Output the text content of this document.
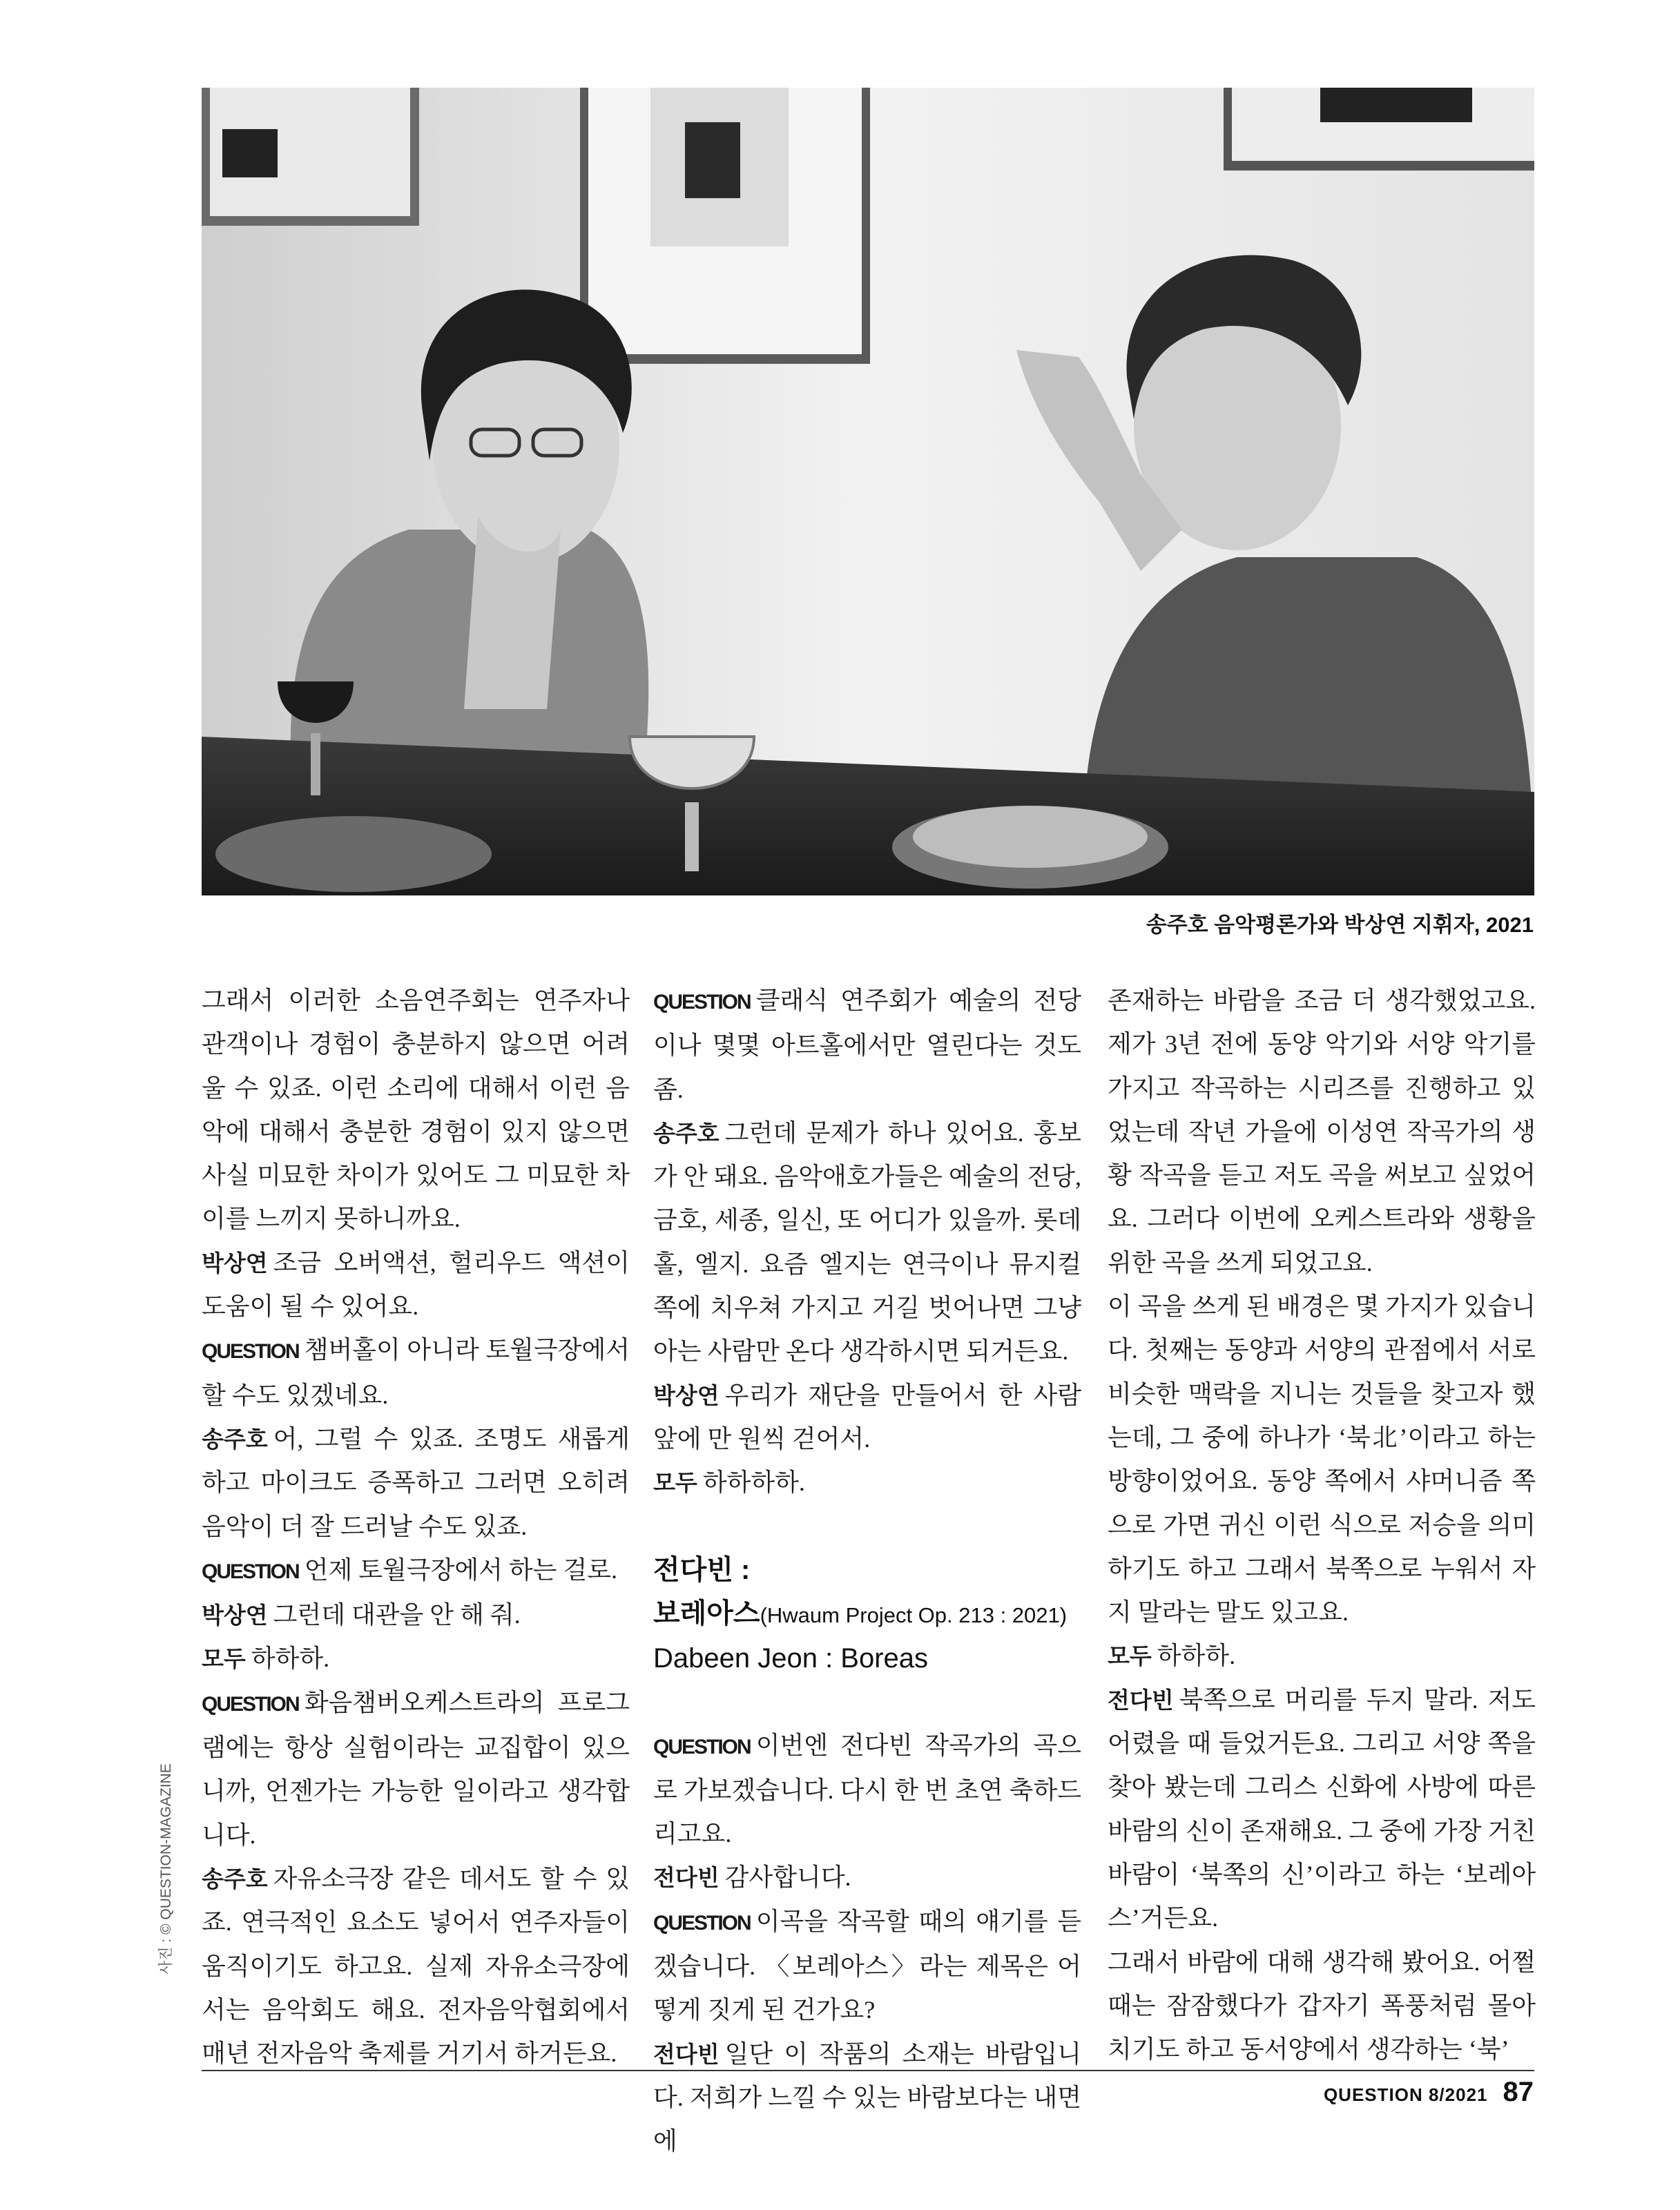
송주호 음악평론가와 박상연 지휘자, 2021

그래서 이러한 소음연주회는 연주자나 관객이나 경험이 충분하지 않으면 어려울 수 있죠. 이런 소리에 대해서 이런 음악에 대해서 충분한 경험이 있지 않으면 사실 미묘한 차이가 있어도 그 미묘한 차이를 느끼지 못하니까요.

박상연 조금 오버액션, 헐리우드 액션이 도움이 될 수 있어요.

QUESTION 챔버홀이 아니라 토월극장에서 할 수도 있겠네요.

송주호 어, 그럴 수 있죠. 조명도 새롭게 하고 마이크도 증폭하고 그러면 오히려 음악이 더 잘 드러날 수도 있죠.

QUESTION 언제 토월극장에서 하는 걸로.

박상연 그런데 대관을 안 해 줘.

모두 하하하.

QUESTION 화음챔버오케스트라의 프로그램에는 항상 실험이라는 교집합이 있으니까, 언젠가는 가능한 일이라고 생각합니다.

송주호 자유소극장 같은 데서도 할 수 있죠. 연극적인 요소도 넣어서 연주자들이 움직이기도 하고요. 실제 자유소극장에서는 음악회도 해요. 전자음악협회에서 매년 전자음악 축제를 거기서 하거든요.

QUESTION 클래식 연주회가 예술의 전당이나 몇몇 아트홀에서만 열린다는 것도 좀.

송주호 그런데 문제가 하나 있어요. 홍보가 안 돼요. 음악애호가들은 예술의 전당, 금호, 세종, 일신, 또 어디가 있을까. 롯데홀, 엘지. 요즘 엘지는 연극이나 뮤지컬 쪽에 치우쳐 가지고 거길 벗어나면 그냥 아는 사람만 온다 생각하시면 되거든요.

박상연 우리가 재단을 만들어서 한 사람 앞에 만 원씩 걷어서.

모두 하하하하.

전다빈 :
보레아스(Hwaum Project Op. 213 : 2021)
Dabeen Jeon : Boreas

QUESTION 이번엔 전다빈 작곡가의 곡으로 가보겠습니다. 다시 한 번 초연 축하드리고요.

전다빈 감사합니다.

QUESTION 이곡을 작곡할 때의 얘기를 듣겠습니다. 〈보레아스〉라는 제목은 어떻게 짓게 된 건가요?

전다빈 일단 이 작품의 소재는 바람입니다. 저희가 느낄 수 있는 바람보다는 내면에

존재하는 바람을 조금 더 생각했었고요. 제가 3년 전에 동양 악기와 서양 악기를 가지고 작곡하는 시리즈를 진행하고 있었는데 작년 가을에 이성연 작곡가의 생황 작곡을 듣고 저도 곡을 써보고 싶었어요. 그러다 이번에 오케스트라와 생황을 위한 곡을 쓰게 되었고요.

이 곡을 쓰게 된 배경은 몇 가지가 있습니다. 첫째는 동양과 서양의 관점에서 서로 비슷한 맥락을 지니는 것들을 찾고자 했는데, 그 중에 하나가 ‘북北’이라고 하는 방향이었어요. 동양 쪽에서 샤머니즘 쪽으로 가면 귀신 이런 식으로 저승을 의미하기도 하고 그래서 북쪽으로 누워서 자지 말라는 말도 있고요.

모두 하하하.

전다빈 북쪽으로 머리를 두지 말라. 저도 어렸을 때 들었거든요. 그리고 서양 쪽을 찾아 봤는데 그리스 신화에 사방에 따른 바람의 신이 존재해요. 그 중에 가장 거친 바람이 ‘북쪽의 신’이라고 하는 ‘보레아스’거든요.

그래서 바람에 대해 생각해 봤어요. 어쩔 때는 잠잠했다가 갑자기 폭풍처럼 몰아치기도 하고 동서양에서 생각하는 ‘북’

사진 : © QUESTION-MAGAZINE
QUESTION 8/2021 87
